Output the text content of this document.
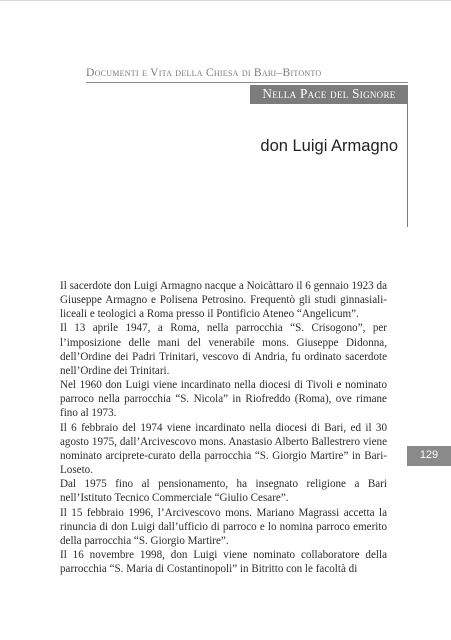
Documenti e Vita della Chiesa di Bari–Bitonto
Nella Pace del Signore
don Luigi Armagno

Il sacerdote don Luigi Armagno nacque a Noicàttaro il 6 gennaio 1923 da Giuseppe Armagno e Polisena Petrosino. Frequentò gli studi ginnasiali-liceali e teologici a Roma presso il Pontificio Ateneo “Angelicum”.

Il 13 aprile 1947, a Roma, nella parrocchia “S. Crisogono”, per l’imposizione delle mani del venerabile mons. Giuseppe Didonna, dell’Ordine dei Padri Trinitari, vescovo di Andria, fu ordinato sacerdote nell’Ordine dei Trinitari.

Nel 1960 don Luigi viene incardinato nella diocesi di Tivoli e nominato parroco nella parrocchia “S. Nicola” in Riofreddo (Roma), ove rimane fino al 1973.

Il 6 febbraio del 1974 viene incardinato nella diocesi di Bari, ed il 30 agosto 1975, dall’Arcivescovo mons. Anastasio Alberto Ballestrero viene nominato arciprete-curato della parrocchia “S. Giorgio Martire” in Bari-Loseto.

Dal 1975 fino al pensionamento, ha insegnato religione a Bari nell’Istituto Tecnico Commerciale “Giulio Cesare”.

Il 15 febbraio 1996, l’Arcivescovo mons. Mariano Magrassi accetta la rinuncia di don Luigi dall’ufficio di parroco e lo nomina parroco emerito della parrocchia “S. Giorgio Martire”.

Il 16 novembre 1998, don Luigi viene nominato collaboratore della parrocchia “S. Maria di Costantinopoli” in Bitritto con le facoltà di

129
